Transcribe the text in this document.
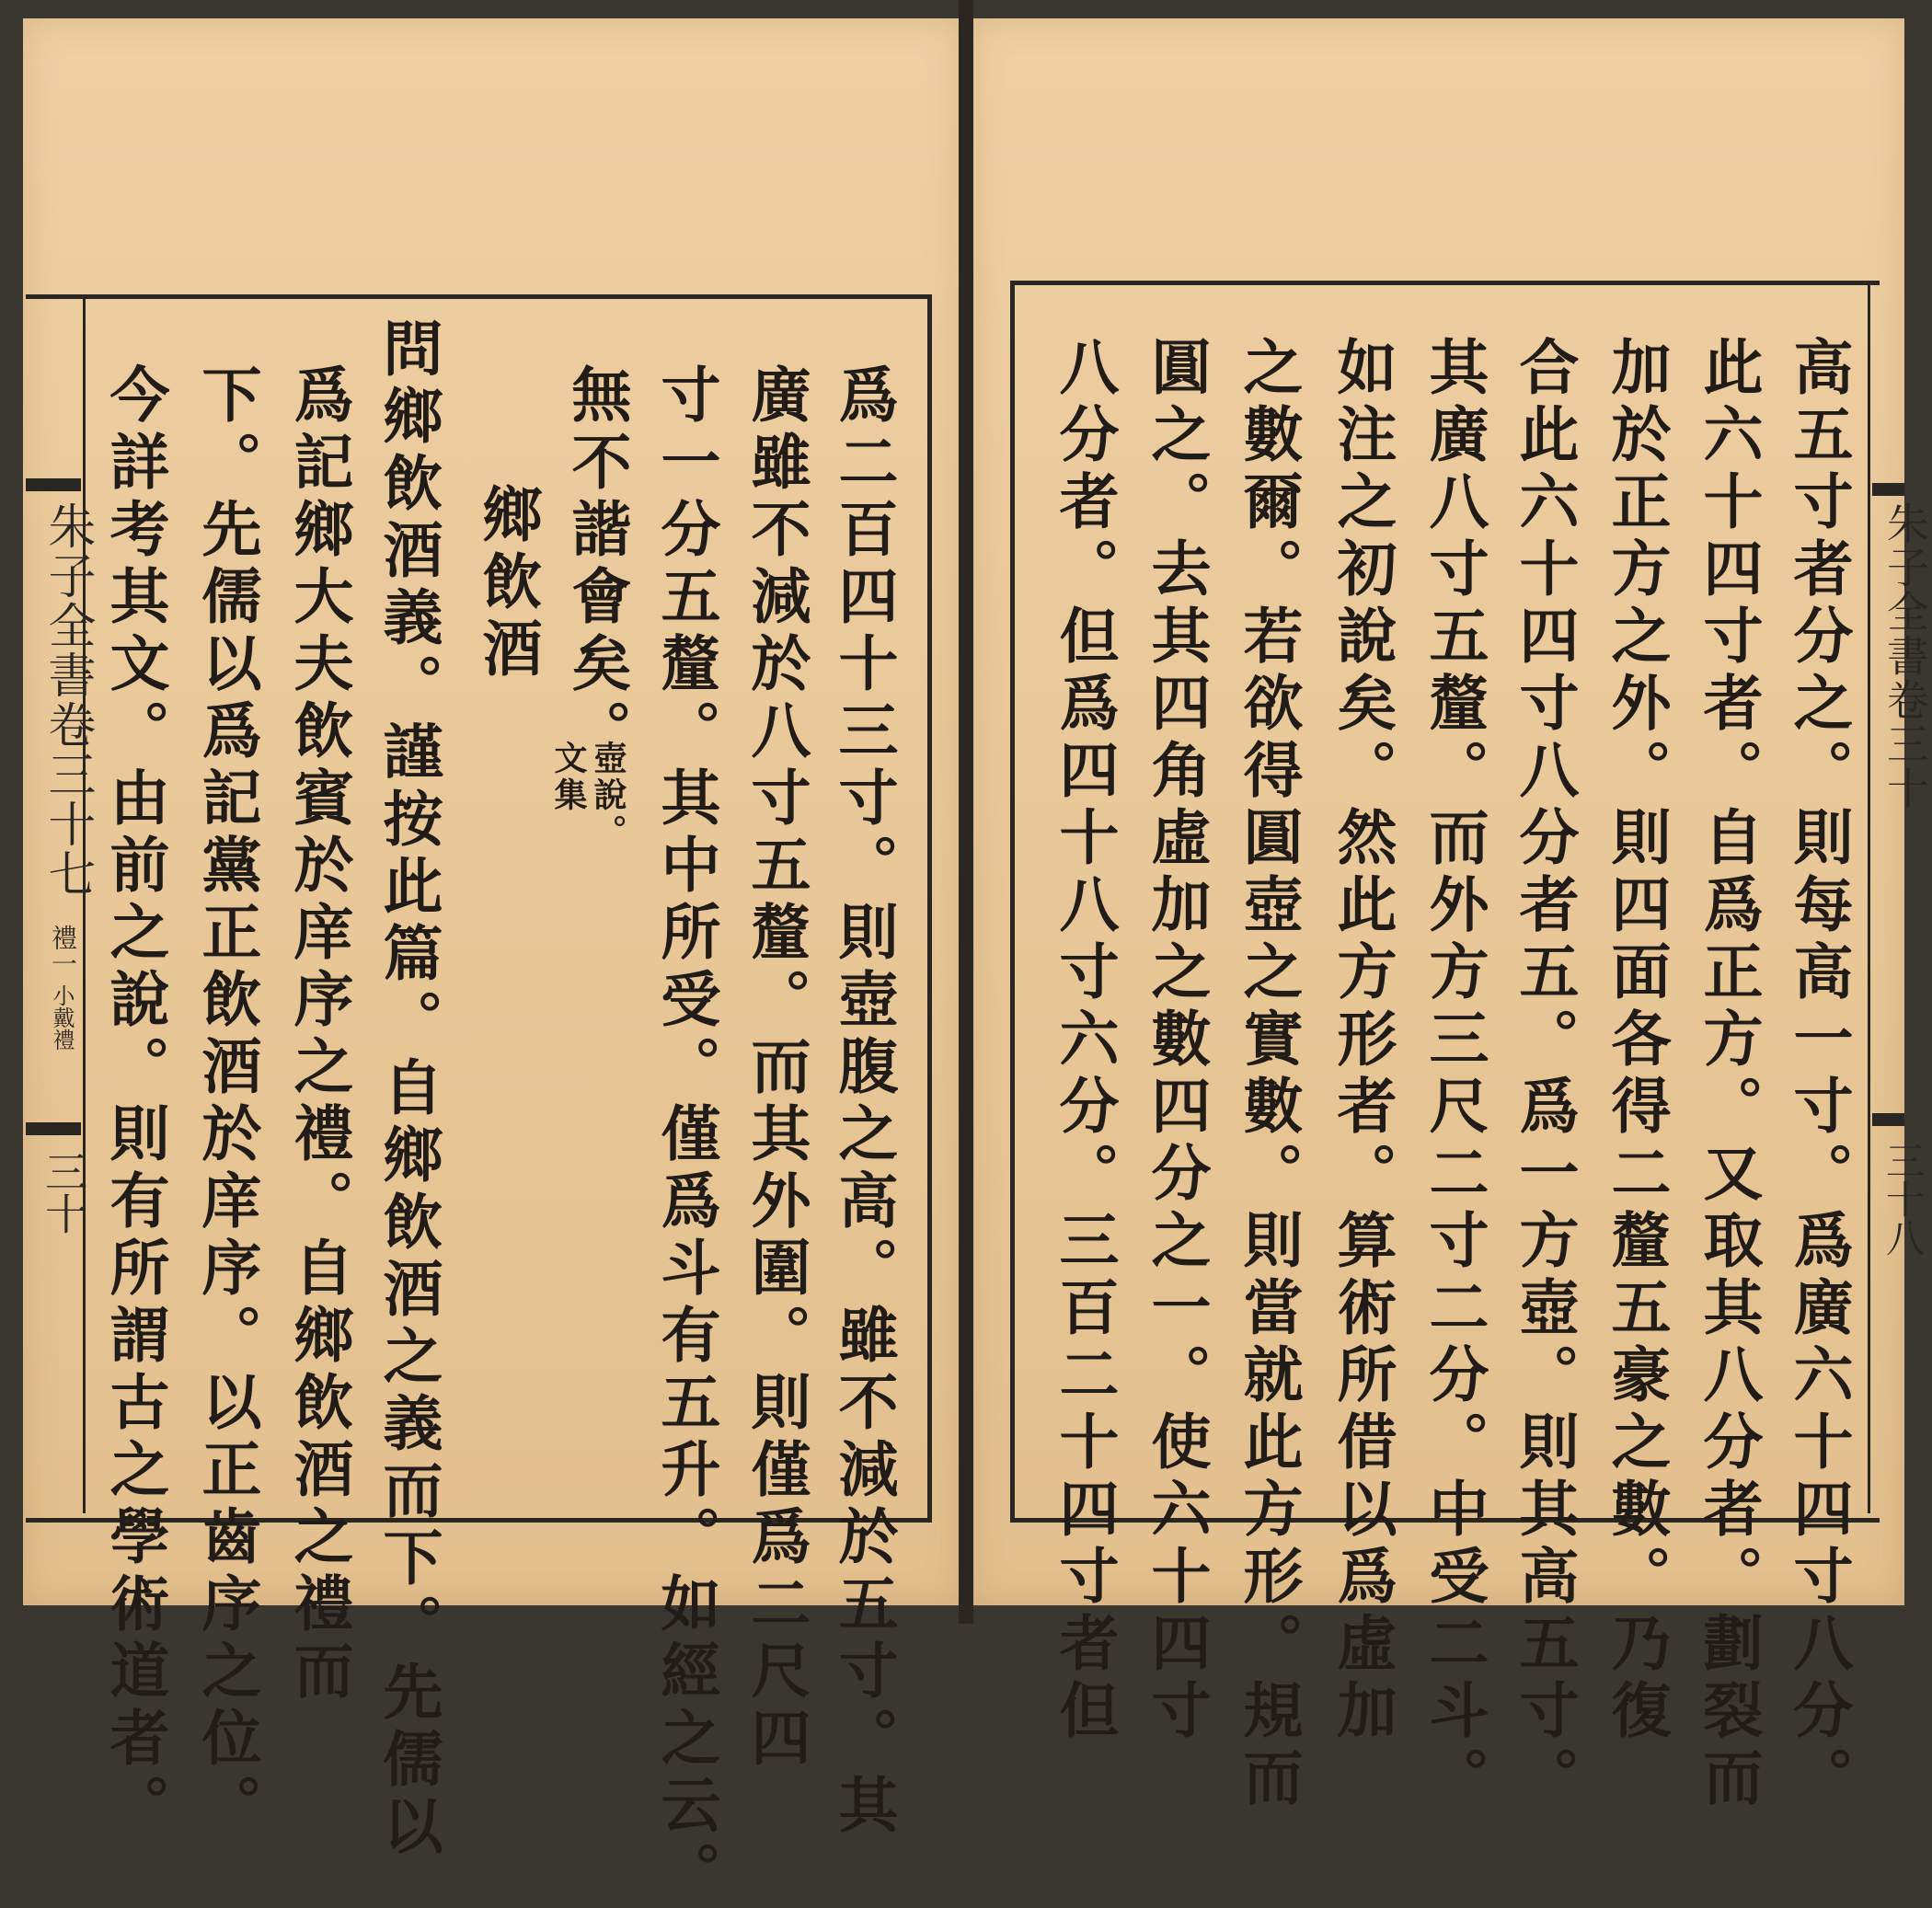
爲二百四十三寸。則壺腹之高。雖不減於五寸。其
廣雖不減於八寸五釐。而其外圍。則僅爲二尺四
寸一分五釐。其中所受。僅爲斗有五升。如經之云。
無不諧會矣。
壺說。
文集
鄉飲酒
問鄉飲酒義。謹按此篇。自鄉飲酒之義而下。先儒以
爲記鄉大夫飲賓於庠序之禮。自鄉飲酒之禮而
下。先儒以爲記黨正飲酒於庠序。以正齒序之位。
今詳考其文。由前之說。則有所謂古之學術道者。
朱子全書卷三十七
禮一
小戴禮
三十	高五寸者分之。則每高一寸。爲廣六十四寸八分。
此六十四寸者。自爲正方。又取其八分者。劃裂而
加於正方之外。則四面各得二釐五豪之數。乃復
合此六十四寸八分者五。爲一方壺。則其高五寸。
其廣八寸五釐。而外方三尺二寸二分。中受二斗。
如注之初說矣。然此方形者。算術所借以爲虛加
之數爾。若欲得圓壺之實數。則當就此方形。規而
圓之。去其四角虛加之數四分之一。使六十四寸
八分者。但爲四十八寸六分。三百二十四寸者但	朱子全書卷三十
三十八
